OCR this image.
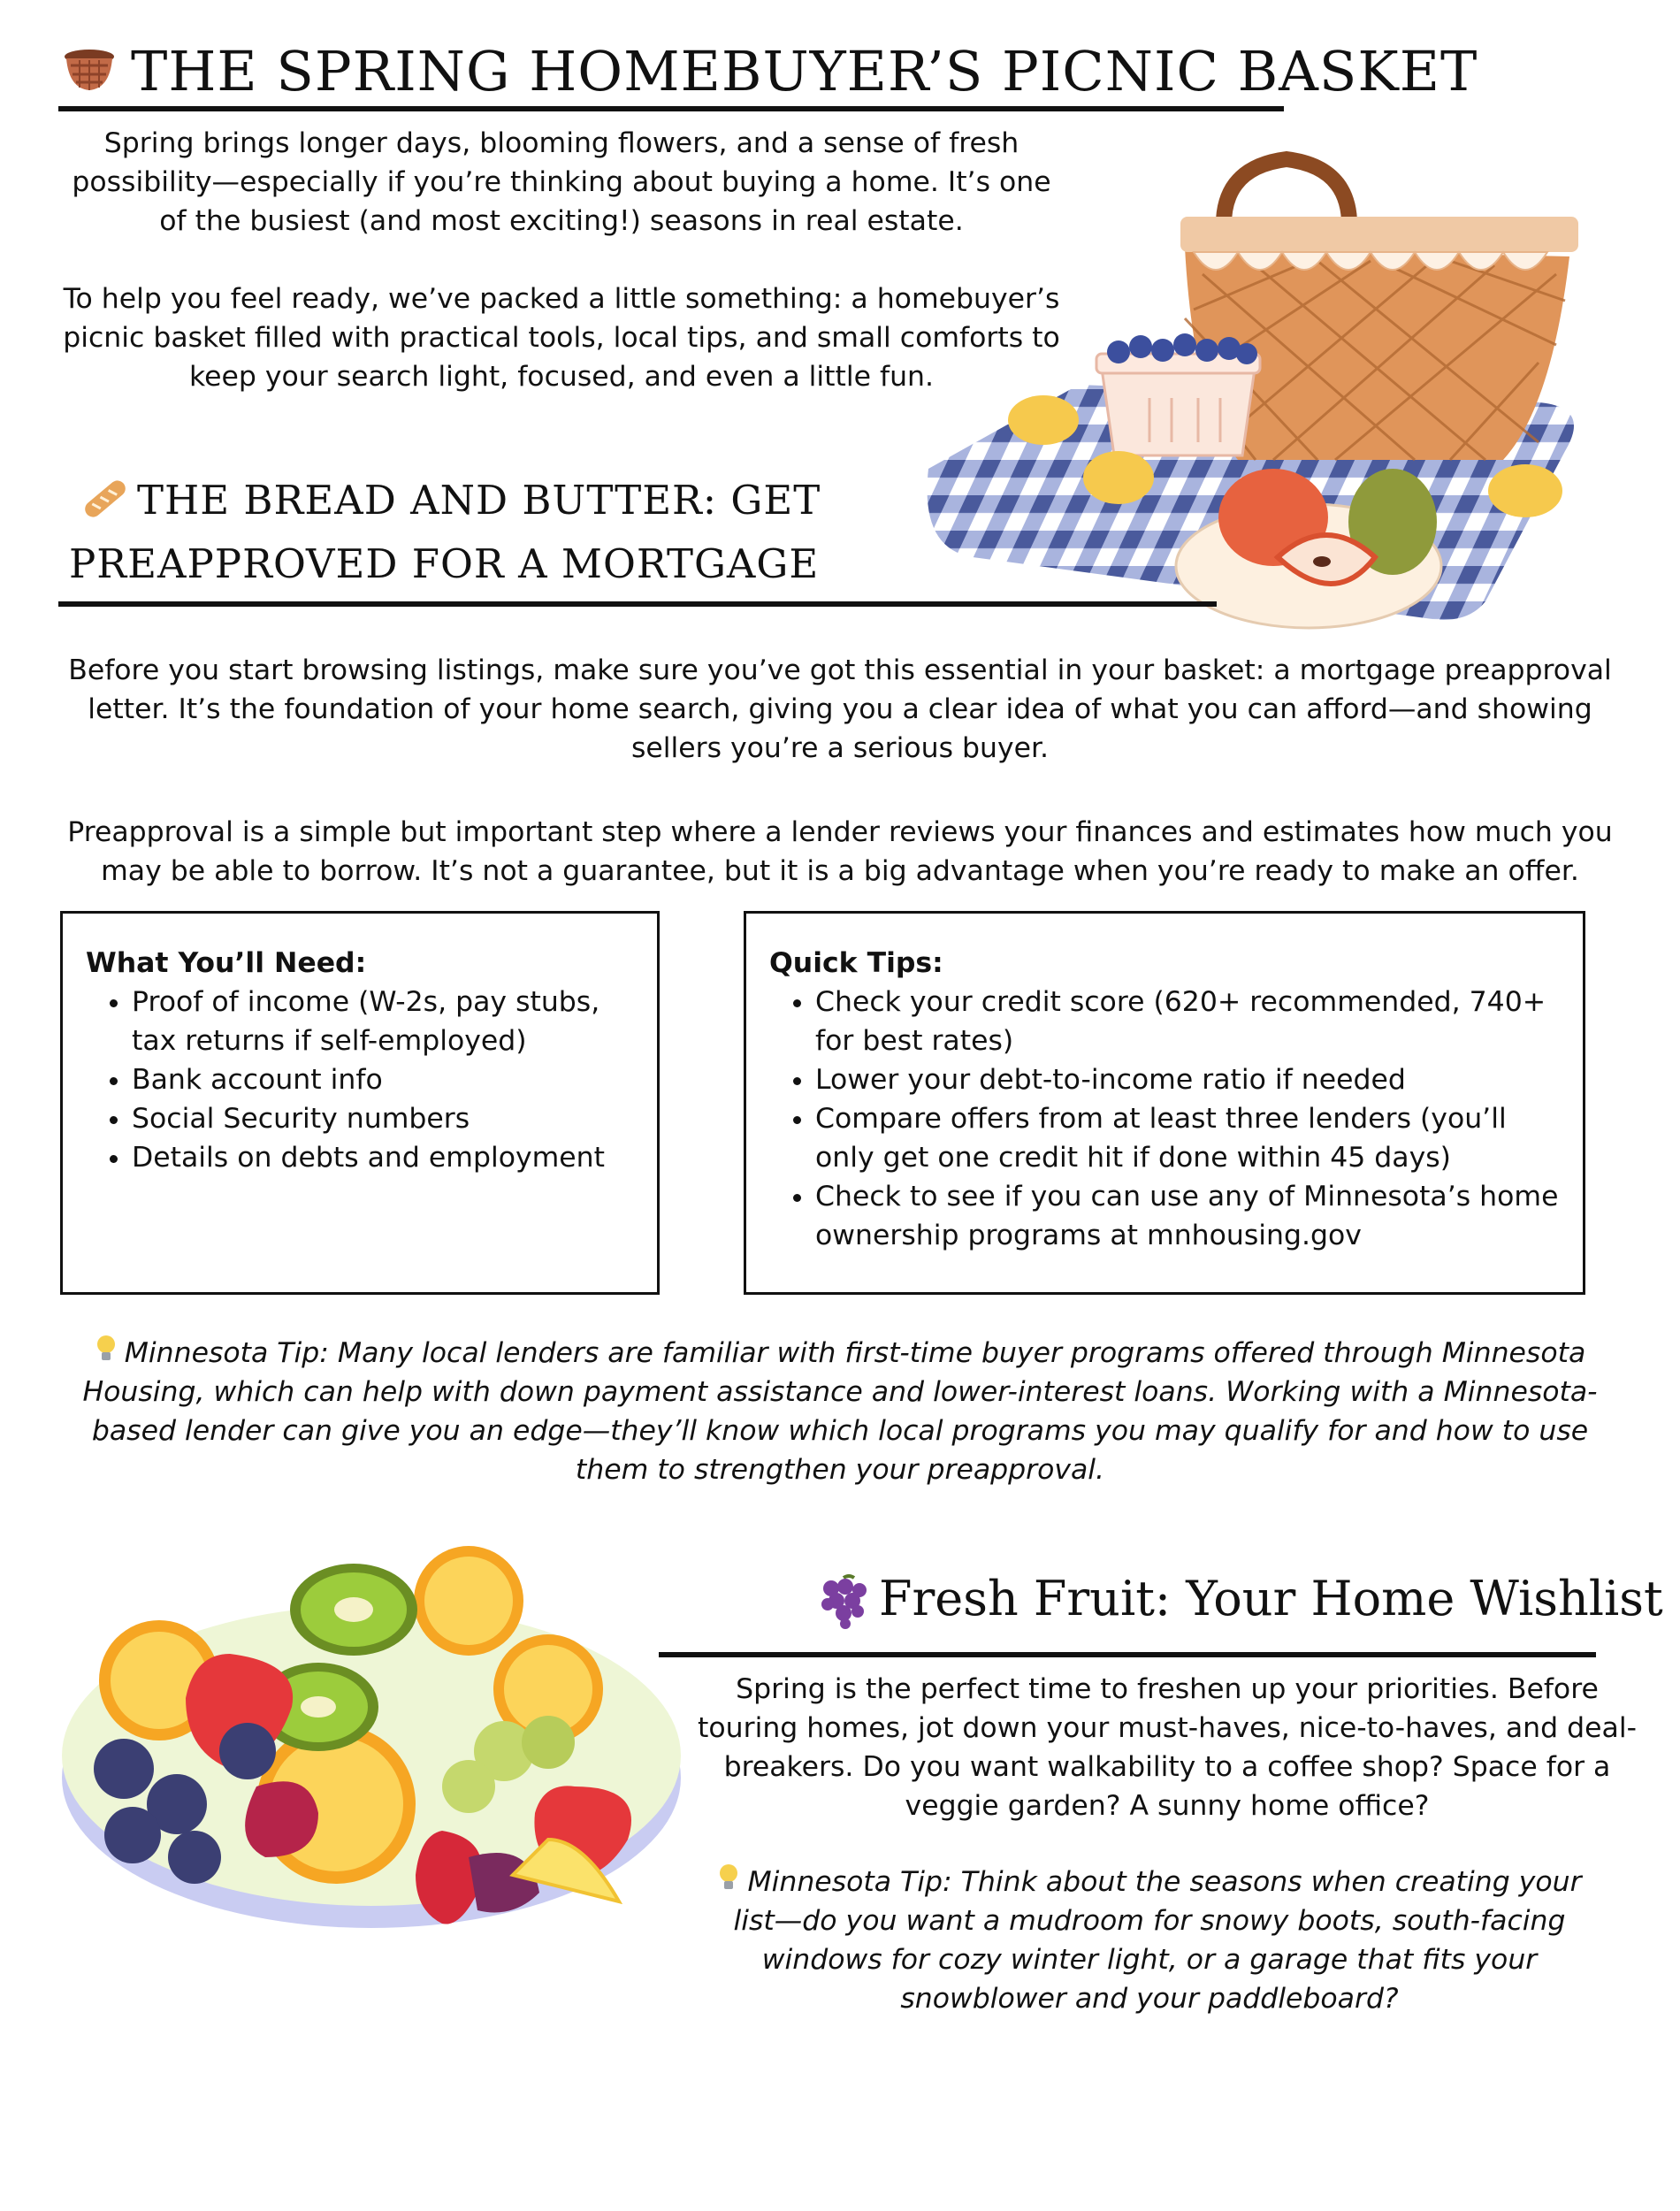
THE SPRING HOMEBUYER’S PICNIC BASKET
Spring brings longer days, blooming flowers, and a sense of fresh possibility—especially if you’re thinking about buying a home. It’s one of the busiest (and most exciting!) seasons in real estate.
To help you feel ready, we’ve packed a little something: a homebuyer’s picnic basket filled with practical tools, local tips, and small comforts to keep your search light, focused, and even a little fun.
THE BREAD AND BUTTER: GET
PREAPPROVED FOR A MORTGAGE
Before you start browsing listings, make sure you’ve got this essential in your basket: a mortgage preapproval letter. It’s the foundation of your home search, giving you a clear idea of what you can afford—and showing sellers you’re a serious buyer.
Preapproval is a simple but important step where a lender reviews your finances and estimates how much you may be able to borrow. It’s not a guarantee, but it is a big advantage when you’re ready to make an offer.
What You’ll Need:
• Proof of income (W-2s, pay stubs, tax returns if self-employed)
• Bank account info
• Social Security numbers
• Details on debts and employment
Quick Tips:
• Check your credit score (620+ recommended, 740+ for best rates)
• Lower your debt-to-income ratio if needed
• Compare offers from at least three lenders (you’ll only get one credit hit if done within 45 days)
• Check to see if you can use any of Minnesota’s home ownership programs at mnhousing.gov
Minnesota Tip: Many local lenders are familiar with first-time buyer programs offered through Minnesota Housing, which can help with down payment assistance and lower-interest loans. Working with a Minnesota-based lender can give you an edge—they’ll know which local programs you may qualify for and how to use them to strengthen your preapproval.
Fresh Fruit: Your Home Wishlist
Spring is the perfect time to freshen up your priorities. Before touring homes, jot down your must-haves, nice-to-haves, and deal-breakers. Do you want walkability to a coffee shop? Space for a veggie garden? A sunny home office?
Minnesota Tip: Think about the seasons when creating your list—do you want a mudroom for snowy boots, south-facing windows for cozy winter light, or a garage that fits your snowblower and your paddleboard?
